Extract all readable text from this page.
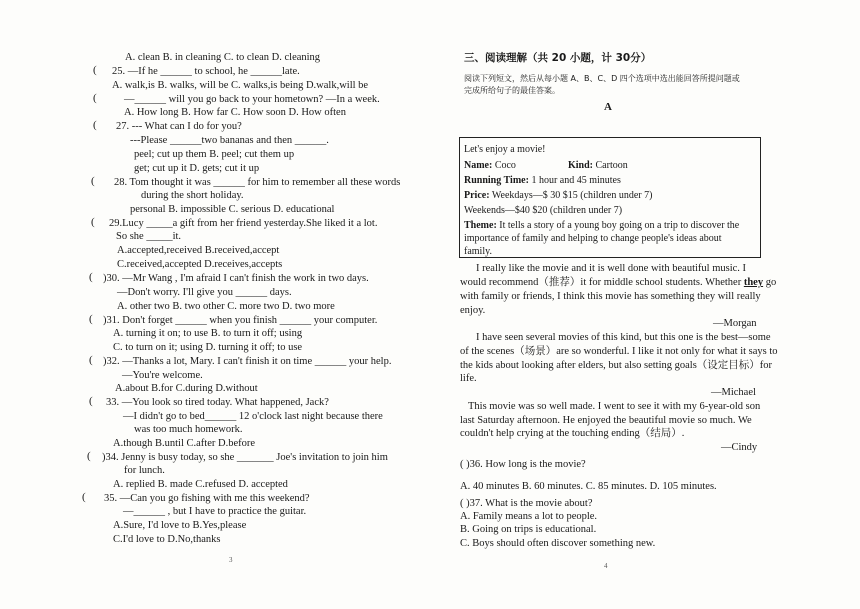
A. clean B. in cleaning C. to clean D. cleaning
25. —If he ______ to school, he ______late.
A. walk,is B. walks, will be C. walks,is being D.walk,will be
—______ will you go back to your hometown? —In a week.
A. How long B. How far C. How soon D. How often
27. --- What can I do for you?
---Please ______two bananas and then ______.
peel; cut up them B. peel; cut them up
get; cut up it D. gets; cut it up
28. Tom thought it was ______ for him to remember all these words
during the short holiday.
personal B. impossible C. serious D. educational
29.Lucy _____a gift from her friend yesterday.She liked it a lot.
So she _____it.
A.accepted,received B.received,accept
C.received,accepted D.receives,accepts
)30. —Mr Wang , I'm afraid I can't finish the work in two days.
—Don't worry. I'll give you ______ days.
A. other two B. two other C. more two D. two more
)31. Don't forget ______ when you finish ______ your computer.
A. turning it on; to use B. to turn it off; using
C. to turn on it; using D. turning it off; to use
)32. —Thanks a lot, Mary. I can't finish it on time ______ your help.
—You're welcome.
A.about B.for C.during D.without
33. —You look so tired today. What happened, Jack?
—I didn't go to bed______ 12 o'clock last night because there
was too much homework.
A.though B.until C.after D.before
)34. Jenny is busy today, so she _______ Joe's invitation to join him
for lunch.
A. replied B. made C.refused D. accepted
35. —Can you go fishing with me this weekend?
—______ , but I have to practice the guitar.
A.Sure, I'd love to B.Yes,please
C.I'd love to D.No,thanks
(
(
(
(
(
(
(
(
(
(
(
3
三、阅读理解（共 20 小题，计 30分）
阅读下列短文，然后从每小题 A、B、C、D 四个选项中选出能回答所提问题或
完成所给句子的最佳答案。
A
Let's enjoy a movie!
Name: Coco	Kind: Cartoon
Running Time: 1 hour and 45 minutes
Price: Weekdays—$ 30 $15 (children under 7)
Weekends—$40 $20 (children under 7)
Theme: It tells a story of a young boy going on a trip to discover the
importance of family and helping to change people's ideas about
family.
I really like the movie and it is well done with beautiful music. I
would recommend（推荐）it for middle school students. Whether they go
with family or friends, I think this movie has something they will really
enjoy.
—Morgan
I have seen several movies of this kind, but this one is the best—some
of the scenes（场景）are so wonderful. I like it not only for what it says to
the kids about looking after elders, but also setting goals（设定目标）for
life.
—Michael
This movie was so well made. I went to see it with my 6-year-old son
last Saturday afternoon. He enjoyed the beautiful movie so much. We
couldn't help crying at the touching ending（结局）.
—Cindy
( )36. How long is the movie?
A. 40 minutes B. 60 minutes. C. 85 minutes. D. 105 minutes.
( )37. What is the movie about?
A. Family means a lot to people.
B. Going on trips is educational.
C. Boys should often discover something new.
4
